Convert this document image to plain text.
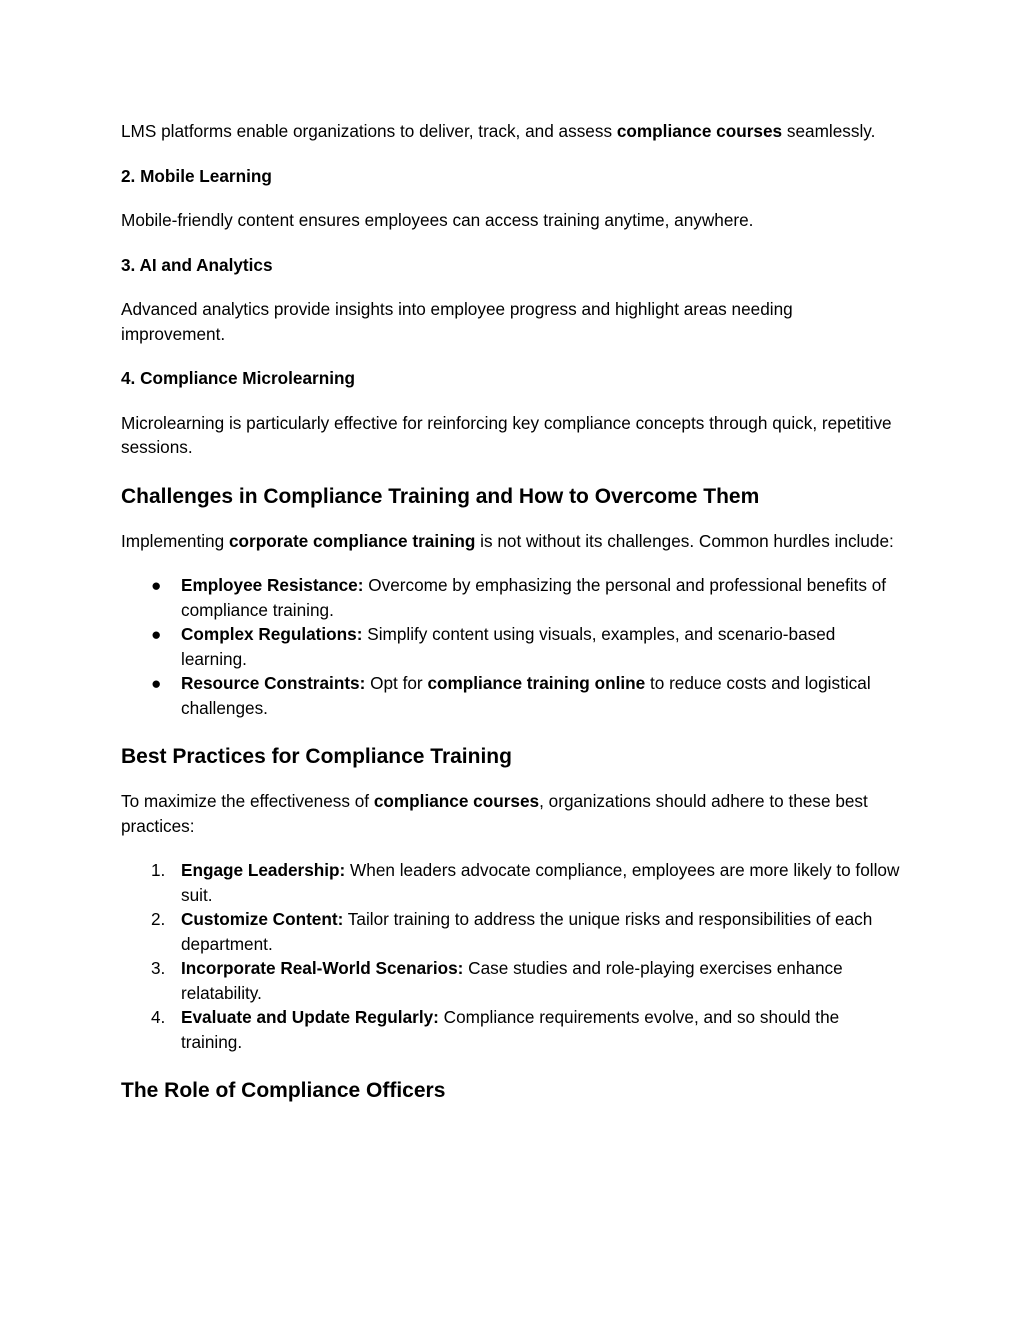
LMS platforms enable organizations to deliver, track, and assess compliance courses seamlessly.

2. Mobile Learning

Mobile-friendly content ensures employees can access training anytime, anywhere.

3. AI and Analytics

Advanced analytics provide insights into employee progress and highlight areas needing improvement.

4. Compliance Microlearning

Microlearning is particularly effective for reinforcing key compliance concepts through quick, repetitive sessions.

Challenges in Compliance Training and How to Overcome Them

Implementing corporate compliance training is not without its challenges. Common hurdles include:

● Employee Resistance: Overcome by emphasizing the personal and professional benefits of compliance training.
● Complex Regulations: Simplify content using visuals, examples, and scenario-based learning.
● Resource Constraints: Opt for compliance training online to reduce costs and logistical challenges.
Best Practices for Compliance Training

To maximize the effectiveness of compliance courses, organizations should adhere to these best practices:

1. Engage Leadership: When leaders advocate compliance, employees are more likely to follow suit.
2. Customize Content: Tailor training to address the unique risks and responsibilities of each department.
3. Incorporate Real-World Scenarios: Case studies and role-playing exercises enhance relatability.
4. Evaluate and Update Regularly: Compliance requirements evolve, and so should the training.
The Role of Compliance Officers
